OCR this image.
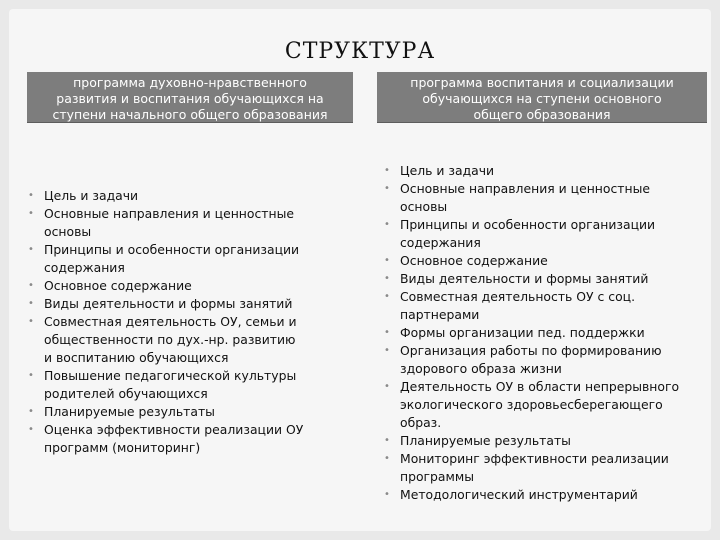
СТРУКТУРА
программа духовно-нравственного
развития и воспитания обучающихся на
ступени начального общего образования
программа воспитания и социализации
обучающихся на ступени основного
общего образования
• Цель и задачи
• Основные направления и ценностные
основы
• Принципы и особенности организации
содержания
• Основное содержание
• Виды деятельности и формы занятий
• Совместная деятельность ОУ, семьи и
общественности по дух.-нр. развитию
и воспитанию обучающихся
• Повышение педагогической культуры
родителей обучающихся
• Планируемые результаты
• Оценка эффективности реализации ОУ
программ (мониторинг)
• Цель и задачи
• Основные направления и ценностные
основы
• Принципы и особенности организации
содержания
• Основное содержание
• Виды деятельности и формы занятий
• Совместная деятельность ОУ с соц.
партнерами
• Формы организации пед. поддержки
• Организация работы по формированию
здорового образа жизни
• Деятельность ОУ в области непрерывного
экологического здоровьесберегающего
образ.
• Планируемые результаты
• Мониторинг эффективности реализации
программы
• Методологический инструментарий
